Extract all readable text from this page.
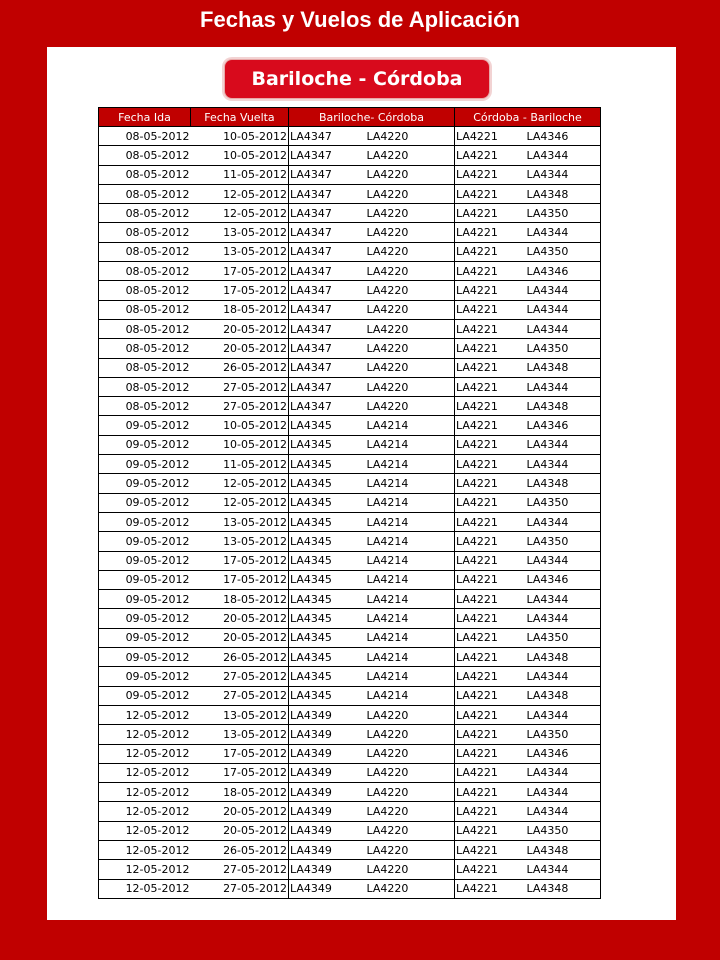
Fechas y Vuelos de Aplicación
Bariloche - Córdoba
Fecha Ida	Fecha Vuelta	Bariloche- Córdoba		Córdoba - Bariloche	
08-05-2012	10-05-2012	LA4347	LA4220	LA4221	LA4346
08-05-2012	10-05-2012	LA4347	LA4220	LA4221	LA4344
08-05-2012	11-05-2012	LA4347	LA4220	LA4221	LA4344
08-05-2012	12-05-2012	LA4347	LA4220	LA4221	LA4348
08-05-2012	12-05-2012	LA4347	LA4220	LA4221	LA4350
08-05-2012	13-05-2012	LA4347	LA4220	LA4221	LA4344
08-05-2012	13-05-2012	LA4347	LA4220	LA4221	LA4350
08-05-2012	17-05-2012	LA4347	LA4220	LA4221	LA4346
08-05-2012	17-05-2012	LA4347	LA4220	LA4221	LA4344
08-05-2012	18-05-2012	LA4347	LA4220	LA4221	LA4344
08-05-2012	20-05-2012	LA4347	LA4220	LA4221	LA4344
08-05-2012	20-05-2012	LA4347	LA4220	LA4221	LA4350
08-05-2012	26-05-2012	LA4347	LA4220	LA4221	LA4348
08-05-2012	27-05-2012	LA4347	LA4220	LA4221	LA4344
08-05-2012	27-05-2012	LA4347	LA4220	LA4221	LA4348
09-05-2012	10-05-2012	LA4345	LA4214	LA4221	LA4346
09-05-2012	10-05-2012	LA4345	LA4214	LA4221	LA4344
09-05-2012	11-05-2012	LA4345	LA4214	LA4221	LA4344
09-05-2012	12-05-2012	LA4345	LA4214	LA4221	LA4348
09-05-2012	12-05-2012	LA4345	LA4214	LA4221	LA4350
09-05-2012	13-05-2012	LA4345	LA4214	LA4221	LA4344
09-05-2012	13-05-2012	LA4345	LA4214	LA4221	LA4350
09-05-2012	17-05-2012	LA4345	LA4214	LA4221	LA4344
09-05-2012	17-05-2012	LA4345	LA4214	LA4221	LA4346
09-05-2012	18-05-2012	LA4345	LA4214	LA4221	LA4344
09-05-2012	20-05-2012	LA4345	LA4214	LA4221	LA4344
09-05-2012	20-05-2012	LA4345	LA4214	LA4221	LA4350
09-05-2012	26-05-2012	LA4345	LA4214	LA4221	LA4348
09-05-2012	27-05-2012	LA4345	LA4214	LA4221	LA4344
09-05-2012	27-05-2012	LA4345	LA4214	LA4221	LA4348
12-05-2012	13-05-2012	LA4349	LA4220	LA4221	LA4344
12-05-2012	13-05-2012	LA4349	LA4220	LA4221	LA4350
12-05-2012	17-05-2012	LA4349	LA4220	LA4221	LA4346
12-05-2012	17-05-2012	LA4349	LA4220	LA4221	LA4344
12-05-2012	18-05-2012	LA4349	LA4220	LA4221	LA4344
12-05-2012	20-05-2012	LA4349	LA4220	LA4221	LA4344
12-05-2012	20-05-2012	LA4349	LA4220	LA4221	LA4350
12-05-2012	26-05-2012	LA4349	LA4220	LA4221	LA4348
12-05-2012	27-05-2012	LA4349	LA4220	LA4221	LA4344
12-05-2012	27-05-2012	LA4349	LA4220	LA4221	LA4348
